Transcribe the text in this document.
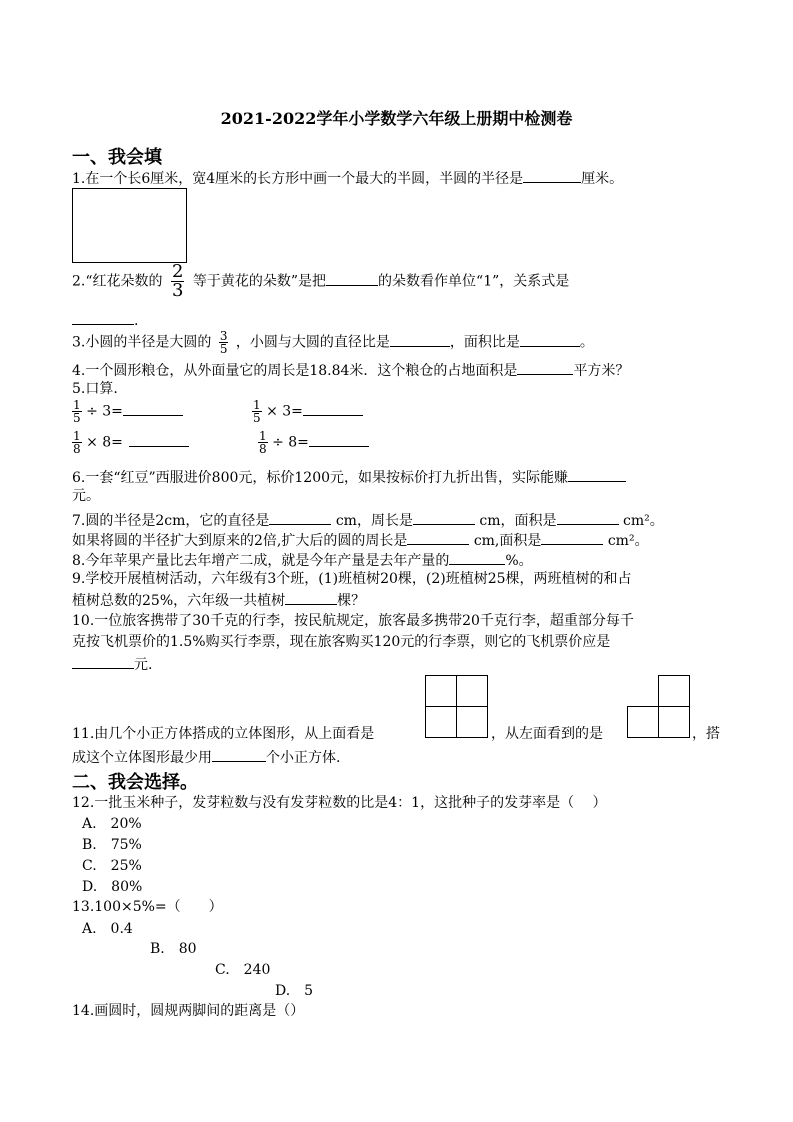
2021-2022学年小学数学六年级上册期中检测卷
一、我会填
1.在一个长6厘米，宽4厘米的长方形中画一个最大的半圆，半圆的半径是	厘米。
2.“红花朵数的 $\frac{2}{3}$ 等于黄花的朵数”是把	的朵数看作单位“1”，关系式是
.
3.小圆的半径是大圆的 $\frac{3}{5}$ ，小圆与大圆的直径比是	，面积比是	。
4.一个圆形粮仓，从外面量它的周长是18.84米．这个粮仓的占地面积是	平方米？
5.口算.
$\frac{1}{5} \div 3=$	$\frac{1}{5} \times 3=$
$\frac{1}{8} \times 8=$	$\frac{1}{8} \div 8=$
6.一套“红豆”西服进价800元，标价1200元，如果按标价打九折出售，实际能赚
元。
7.圆的半径是2cm，它的直径是	cm，周长是	cm，面积是	cm²。
如果将圆的半径扩大到原来的2倍,扩大后的圆的周长是	cm,面积是	cm²。
8.今年苹果产量比去年增产二成，就是今年产量是去年产量的	%。
9.学校开展植树活动，六年级有3个班，(1)班植树20棵，(2)班植树25棵，两班植树的和占
植树总数的25%，六年级一共植树	棵？
10.一位旅客携带了30千克的行李，按民航规定，旅客最多携带20千克行李，超重部分每千
克按飞机票价的1.5%购买行李票，现在旅客购买120元的行李票，则它的飞机票价应是
元.
11.由几个小正方体搭成的立体图形，从上面看是	，从左面看到的是	，搭
成这个立体图形最少用	个小正方体.
二、我会选择。
12.一批玉米种子，发芽粒数与没有发芽粒数的比是4：1，这批种子的发芽率是（　 ）
A.　20%
B.　75%
C.　25%
D.　80%
13.100×5%=（　　）
A.　0.4
B.　80
C.　240
D.　5
14.画圆时，圆规两脚间的距离是（）
